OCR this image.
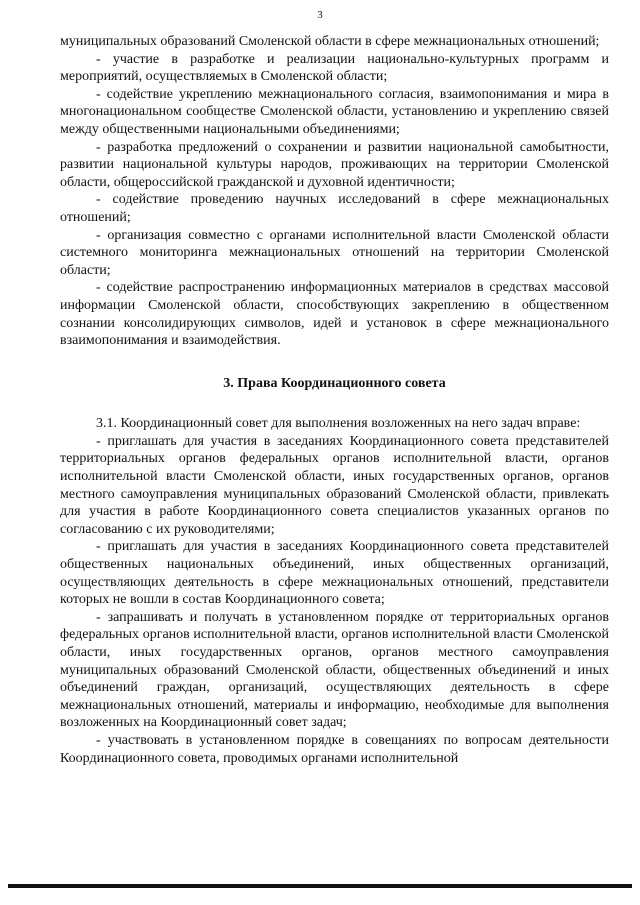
3

муниципальных образований Смоленской области в сфере межнациональных отношений;

- участие в разработке и реализации национально-культурных программ и мероприятий, осуществляемых в Смоленской области;

- содействие укреплению межнационального согласия, взаимопонимания и мира в многонациональном сообществе Смоленской области, установлению и укреплению связей между общественными национальными объединениями;

- разработка предложений о сохранении и развитии национальной самобытности, развитии национальной культуры народов, проживающих на территории Смоленской области, общероссийской гражданской и духовной идентичности;

- содействие проведению научных исследований в сфере межнациональных отношений;

- организация совместно с органами исполнительной власти Смоленской области системного мониторинга межнациональных отношений на территории Смоленской области;

- содействие распространению информационных материалов в средствах массовой информации Смоленской области, способствующих закреплению в общественном сознании консолидирующих символов, идей и установок в сфере межнационального взаимопонимания и взаимодействия.

3. Права Координационного совета

3.1. Координационный совет для выполнения возложенных на него задач вправе:

- приглашать для участия в заседаниях Координационного совета представителей территориальных органов федеральных органов исполнительной власти, органов исполнительной власти Смоленской области, иных государственных органов, органов местного самоуправления муниципальных образований Смоленской области, привлекать для участия в работе Координационного совета специалистов указанных органов по согласованию с их руководителями;

- приглашать для участия в заседаниях Координационного совета представителей общественных национальных объединений, иных общественных организаций, осуществляющих деятельность в сфере межнациональных отношений, представители которых не вошли в состав Координационного совета;

- запрашивать и получать в установленном порядке от территориальных органов федеральных органов исполнительной власти, органов исполнительной власти Смоленской области, иных государственных органов, органов местного самоуправления муниципальных образований Смоленской области, общественных объединений и иных объединений граждан, организаций, осуществляющих деятельность в сфере межнациональных отношений, материалы и информацию, необходимые для выполнения возложенных на Координационный совет задач;

- участвовать в установленном порядке в совещаниях по вопросам деятельности Координационного совета, проводимых органами исполнительной
